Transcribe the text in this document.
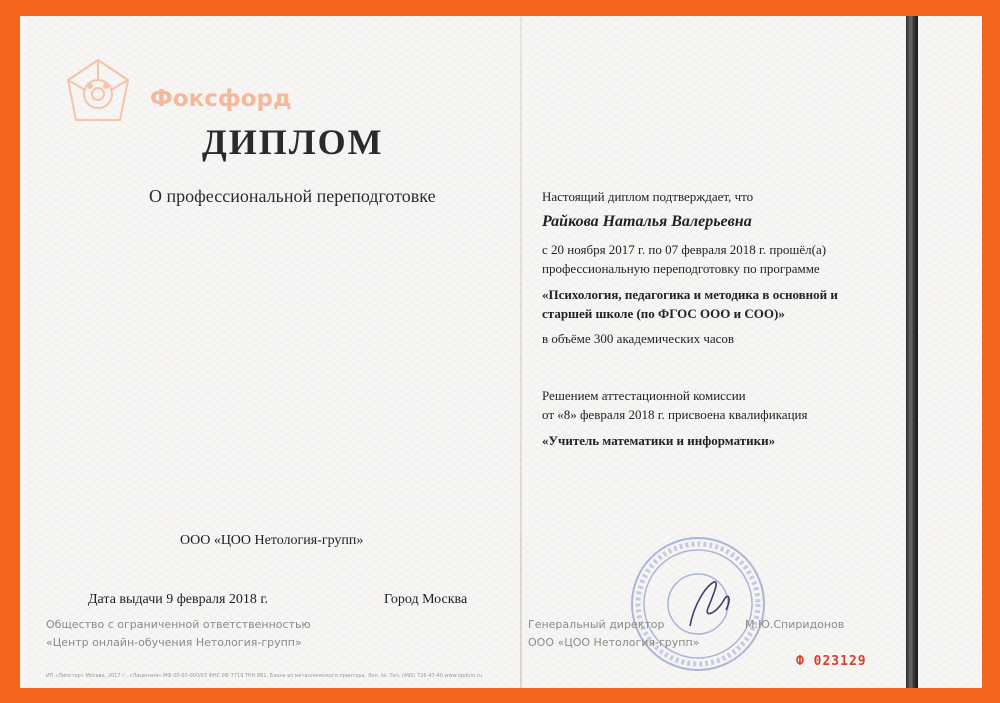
Фоксфорд
ДИПЛОМ
О профессиональной переподготовке
ООО «ЦОО Нетология-групп»
Дата выдачи 9 февраля 2018 г.	Город Москва
Общество с ограниченной ответственностью
«Центр онлайн-обучения Нетология-групп»
ИП «Лимстер» Москва, 2017 г., «Лицензия» МФ 00-00-000/03 ФНС РФ 7719 ТКН 881, Бланк из металлического принтера, Лен. №: Тел. (495) 726-47-40 www.opdum.ru
Настоящий диплом подтверждает, что
Райкова Наталья Валерьевна
с 20 ноября 2017 г. по 07 февраля 2018 г. прошёл(а)
профессиональную переподготовку по программе
«Психология, педагогика и методика в основной и
старшей школе (по ФГОС ООО и СОО)»
в объёме 300 академических часов
Решением аттестационной комиссии
от «8» февраля 2018 г. присвоена квалификация
«Учитель математики и информатики»
Генеральный директор
ООО «ЦОО Нетология-групп»
М.Ю.Спиридонов
Ф 023129
